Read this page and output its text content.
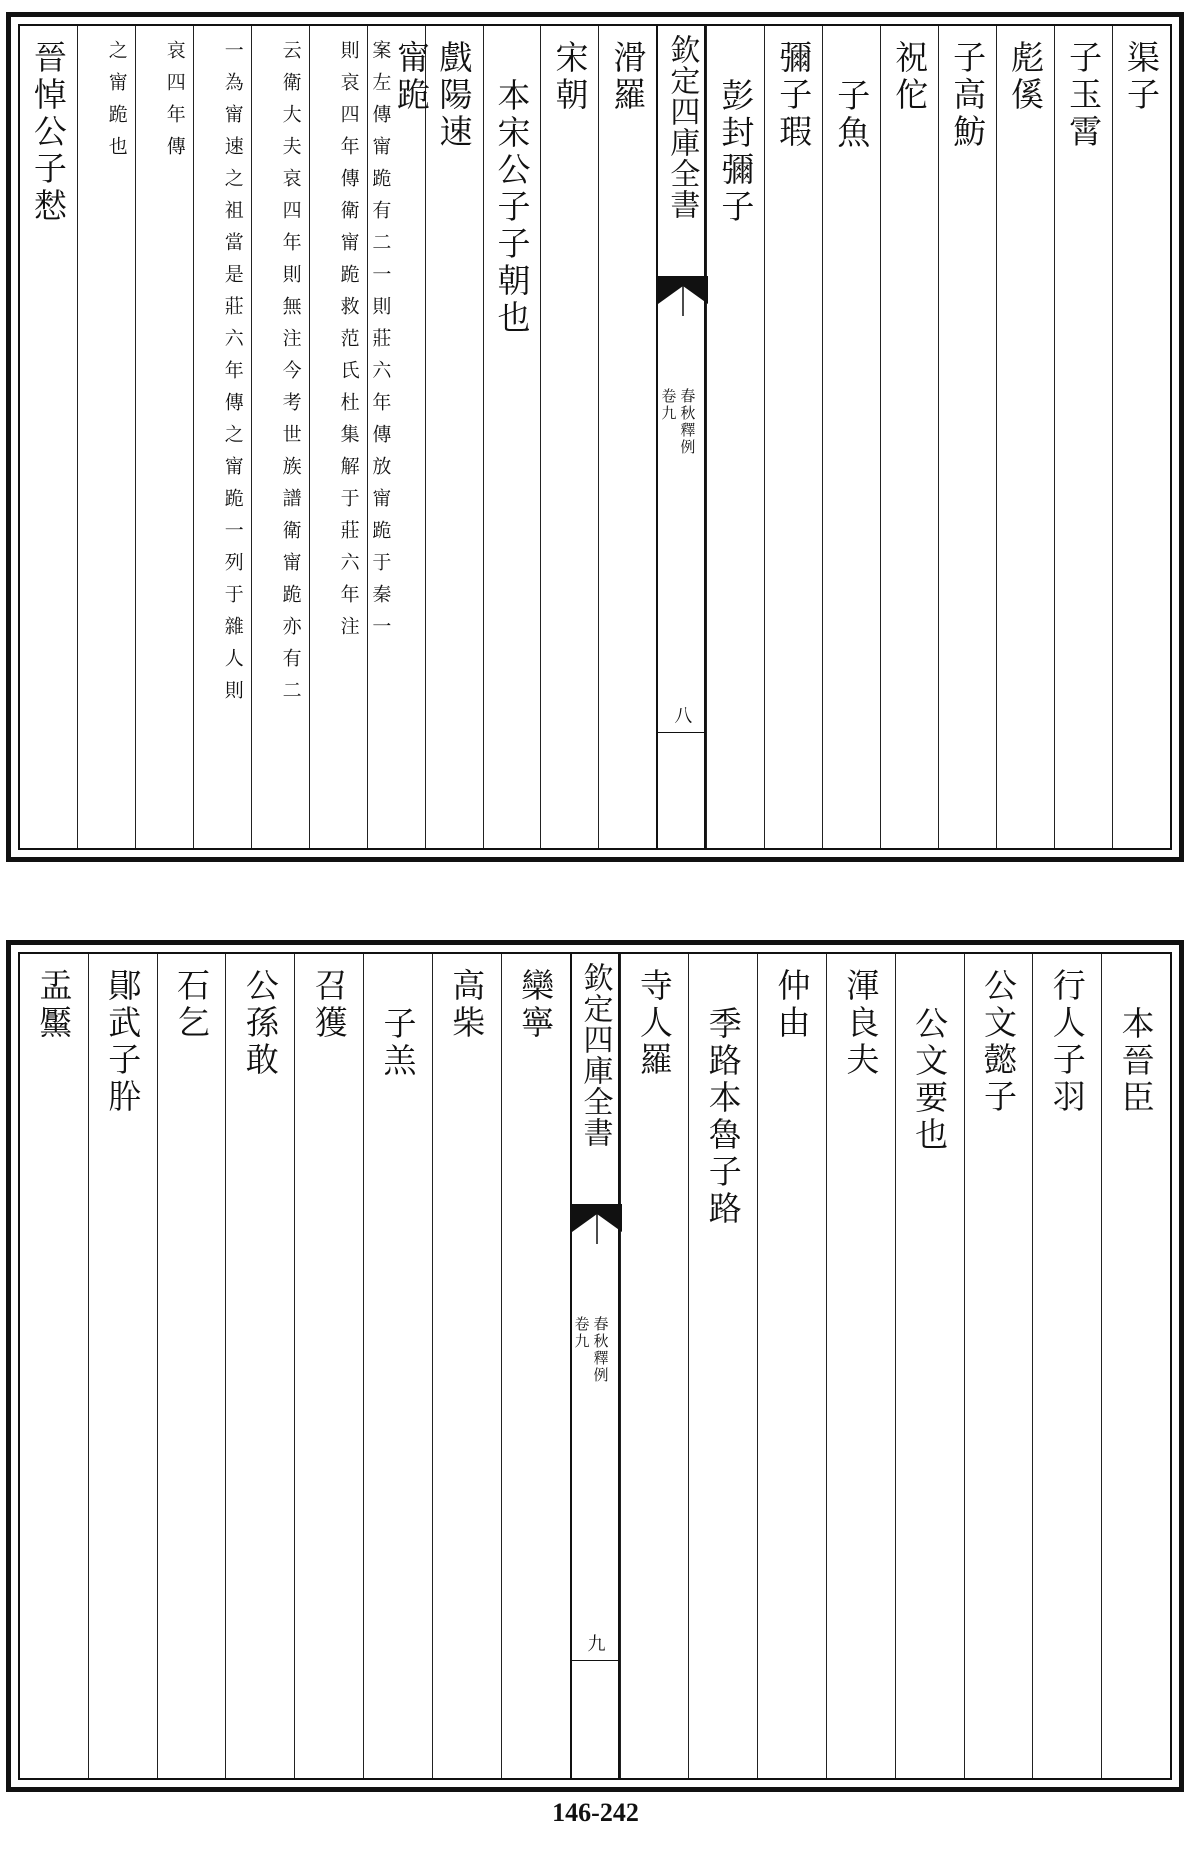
渠子
子玉霄
彪傒
子高魴
祝佗
子魚
彌子瑕
彭封彌子
欽定四庫全書
春秋釋例
卷九
八
滑羅
宋朝
本宋公子子朝也
戲陽速
甯跪
案左傳甯跪有二一則莊六年傳放甯跪于秦一
則哀四年傳衛甯跪救范氏杜集解于莊六年注
云衛大夫哀四年則無注今考世族譜衛甯跪亦有二
一為甯速之祖當是莊六年傳之甯跪一列于雜人則
哀四年傳
之甯跪也
晉悼公子慭
本晉臣
行人子羽
公文懿子
公文要也
渾良夫
仲由
季路本魯子路
寺人羅
欽定四庫全書
春秋釋例
卷九
九
欒寧
高柴
子羔
召獲
公孫敢
石乞
鄖武子肸
盂黶
146-242
